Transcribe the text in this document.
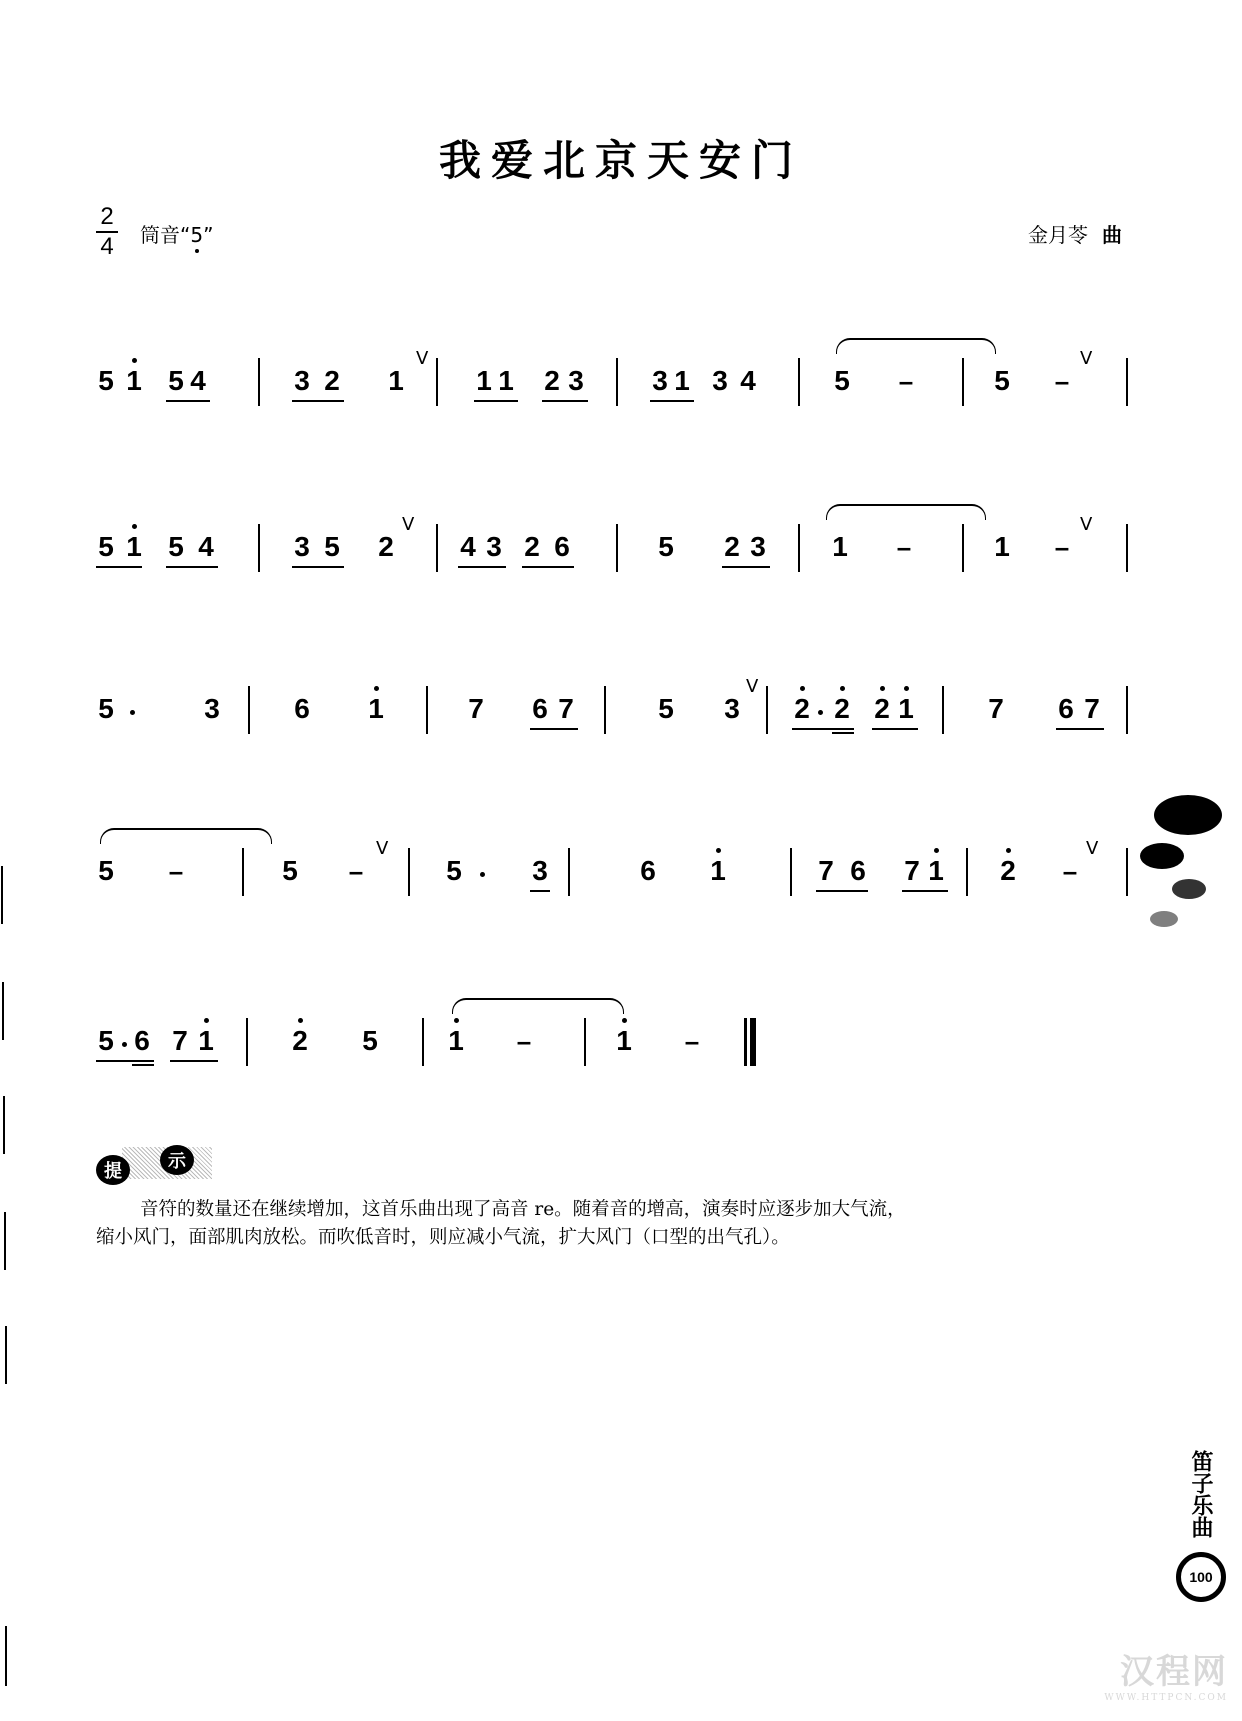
我爱北京天安门
$\frac{2}{4}$ 筒音“5”	金月苓 曲
5 1 5 4	3 2 1
V
1 1 2 3 3 1 3 4	5 –	5 –
V
5 1 5 4	3 5 2
V
4 3 2 6	5 2 3 1 –	1 –
V
5	3	6 1	7 6 7	5 3
V
2 2 2 1	7 6 7
5 –	5 –
V
5	3	6 1	7 6 7 1 2 –
V
5 6 7 1	2 5	1 –	1 –
提	示

音符的数量还在继续增加，这首乐曲出现了高音 re。随着音的增高，演奏时应逐步加大气流，

缩小风门，面部肌肉放松。而吹低音时，则应减小气流，扩大风门（口型的出气孔）。

笛子乐曲
100
汉程网
WWW.HTTPCN.COM
